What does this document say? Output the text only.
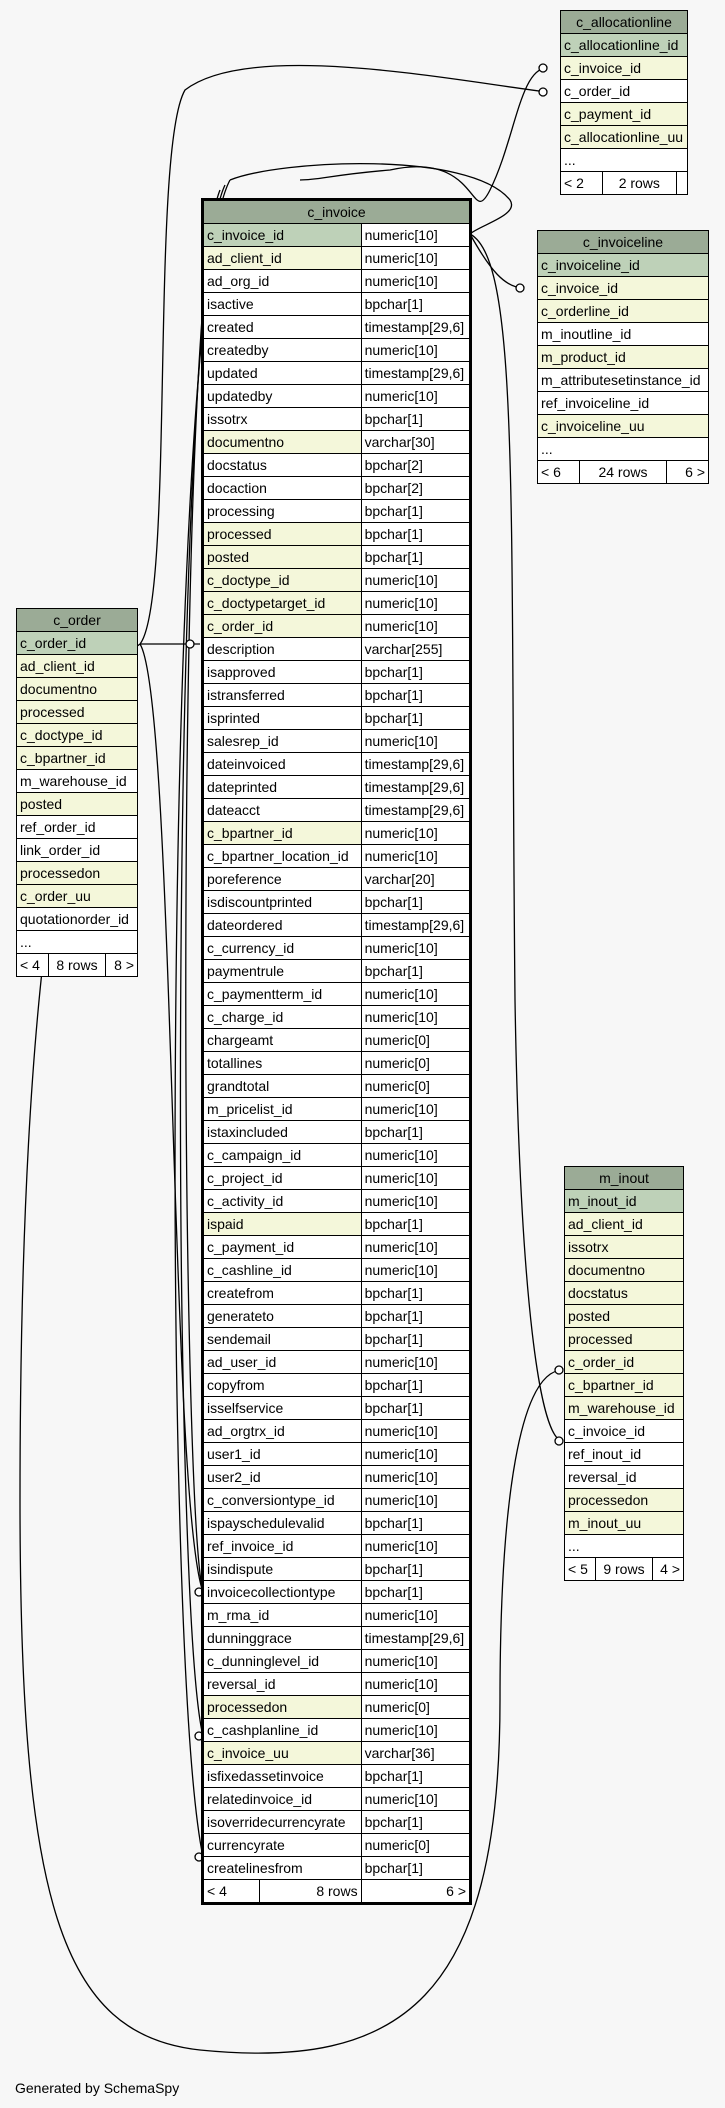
c_allocationline
c_allocationline_id
c_invoice_id
c_order_id
c_payment_id
c_allocationline_uu
...
< 2	2 rows	
c_invoiceline
c_invoiceline_id
c_invoice_id
c_orderline_id
m_inoutline_id
m_product_id
m_attributesetinstance_id
ref_invoiceline_id
c_invoiceline_uu
...
< 6	24 rows	6 >
c_order
c_order_id
ad_client_id
documentno
processed
c_doctype_id
c_bpartner_id
m_warehouse_id
posted
ref_order_id
link_order_id
processedon
c_order_uu
quotationorder_id
...
< 4	8 rows	8 >
c_invoice		
c_invoice_id		numeric[10]
ad_client_id		numeric[10]
ad_org_id		numeric[10]
isactive		bpchar[1]
created		timestamp[29,6]
createdby		numeric[10]
updated		timestamp[29,6]
updatedby		numeric[10]
issotrx		bpchar[1]
documentno		varchar[30]
docstatus		bpchar[2]
docaction		bpchar[2]
processing		bpchar[1]
processed		bpchar[1]
posted		bpchar[1]
c_doctype_id		numeric[10]
c_doctypetarget_id		numeric[10]
c_order_id		numeric[10]
description		varchar[255]
isapproved		bpchar[1]
istransferred		bpchar[1]
isprinted		bpchar[1]
salesrep_id		numeric[10]
dateinvoiced		timestamp[29,6]
dateprinted		timestamp[29,6]
dateacct		timestamp[29,6]
c_bpartner_id		numeric[10]
c_bpartner_location_id		numeric[10]
poreference		varchar[20]
isdiscountprinted		bpchar[1]
dateordered		timestamp[29,6]
c_currency_id		numeric[10]
paymentrule		bpchar[1]
c_paymentterm_id		numeric[10]
c_charge_id		numeric[10]
chargeamt		numeric[0]
totallines		numeric[0]
grandtotal		numeric[0]
m_pricelist_id		numeric[10]
istaxincluded		bpchar[1]
c_campaign_id		numeric[10]
c_project_id		numeric[10]
c_activity_id		numeric[10]
ispaid		bpchar[1]
c_payment_id		numeric[10]
c_cashline_id		numeric[10]
createfrom		bpchar[1]
generateto		bpchar[1]
sendemail		bpchar[1]
ad_user_id		numeric[10]
copyfrom		bpchar[1]
isselfservice		bpchar[1]
ad_orgtrx_id		numeric[10]
user1_id		numeric[10]
user2_id		numeric[10]
c_conversiontype_id		numeric[10]
ispayschedulevalid		bpchar[1]
ref_invoice_id		numeric[10]
isindispute		bpchar[1]
invoicecollectiontype		bpchar[1]
m_rma_id		numeric[10]
dunninggrace		timestamp[29,6]
c_dunninglevel_id		numeric[10]
reversal_id		numeric[10]
processedon		numeric[0]
c_cashplanline_id		numeric[10]
c_invoice_uu		varchar[36]
isfixedassetinvoice		bpchar[1]
relatedinvoice_id		numeric[10]
isoverridecurrencyrate		bpchar[1]
currencyrate		numeric[0]
createlinesfrom		bpchar[1]
< 4	8 rows	6 >
m_inout
m_inout_id
ad_client_id
issotrx
documentno
docstatus
posted
processed
c_order_id
c_bpartner_id
m_warehouse_id
c_invoice_id
ref_inout_id
reversal_id
processedon
m_inout_uu
...
< 5	9 rows	4 >
Generated by SchemaSpy
